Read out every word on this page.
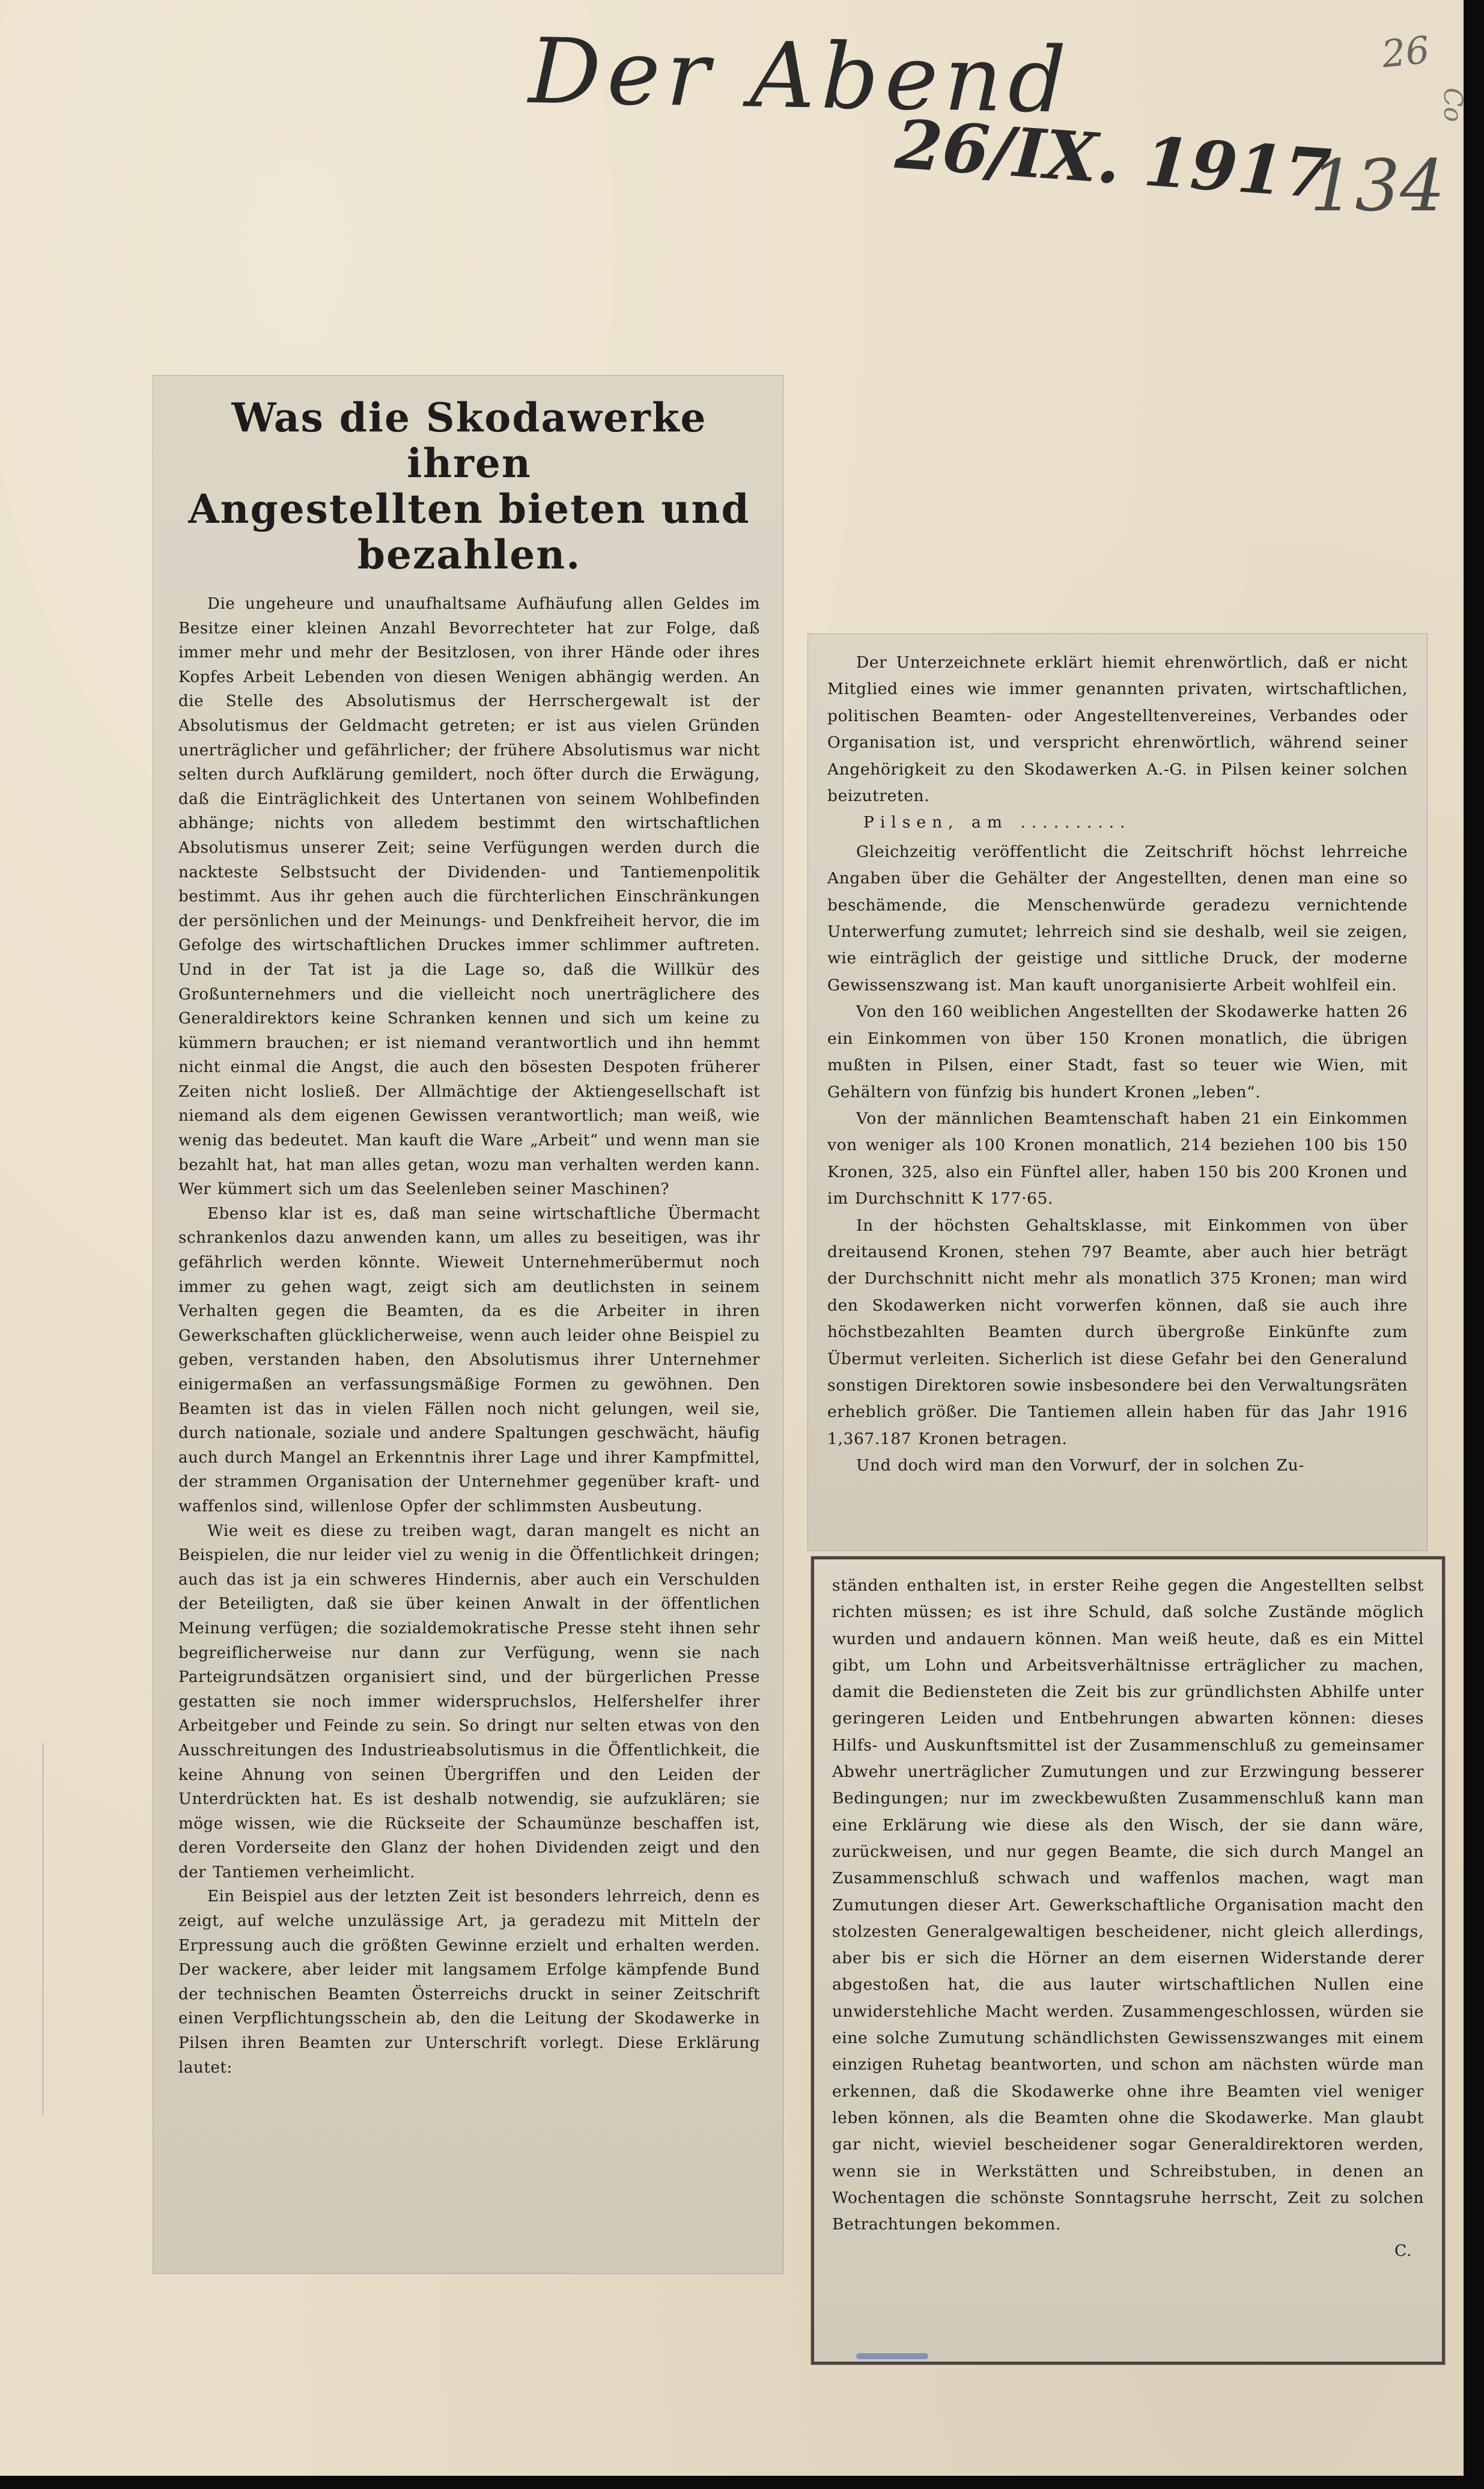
Der Abend
26/IX. 1917
134
26
Co
Was die Skodawerke ihren
Angestellten bieten und bezahlen.

Die ungeheure und unaufhaltsame Aufhäufung allen Geldes im Besitze einer kleinen Anzahl Bevorrechteter hat zur Folge, daß immer mehr und mehr der Besitzlosen, von ihrer Hände oder ihres Kopfes Arbeit Lebenden von diesen Wenigen abhängig werden. An die Stelle des Absolutismus der Herrschergewalt ist der Absolutismus der Geldmacht getreten; er ist aus vielen Gründen unerträglicher und gefährlicher; der frühere Absolutismus war nicht selten durch Aufklärung gemildert, noch öfter durch die Erwägung, daß die Einträglichkeit des Untertanen von seinem Wohlbefinden abhänge; nichts von alledem bestimmt den wirtschaftlichen Absolutismus unserer Zeit; seine Verfügungen werden durch die nackteste Selbstsucht der Dividenden- und Tantiemenpolitik bestimmt. Aus ihr gehen auch die fürchterlichen Einschränkungen der persönlichen und der Meinungs- und Denkfreiheit hervor, die im Gefolge des wirtschaftlichen Druckes immer schlimmer auftreten. Und in der Tat ist ja die Lage so, daß die Willkür des Großunternehmers und die vielleicht noch unerträglichere des Generaldirektors keine Schranken kennen und sich um keine zu kümmern brauchen; er ist niemand verantwortlich und ihn hemmt nicht einmal die Angst, die auch den bösesten Despoten früherer Zeiten nicht losließ. Der Allmächtige der Aktiengesellschaft ist niemand als dem eigenen Gewissen verantwortlich; man weiß, wie wenig das bedeutet. Man kauft die Ware „Arbeit“ und wenn man sie bezahlt hat, hat man alles getan, wozu man verhalten werden kann. Wer kümmert sich um das Seelenleben seiner Maschinen?

Ebenso klar ist es, daß man seine wirtschaftliche Übermacht schrankenlos dazu anwenden kann, um alles zu beseitigen, was ihr gefährlich werden könnte. Wieweit Unternehmerübermut noch immer zu gehen wagt, zeigt sich am deutlichsten in seinem Verhalten gegen die Beamten, da es die Arbeiter in ihren Gewerkschaften glücklicherweise, wenn auch leider ohne Beispiel zu geben, verstanden haben, den Absolutismus ihrer Unternehmer einigermaßen an verfassungsmäßige Formen zu gewöhnen. Den Beamten ist das in vielen Fällen noch nicht gelungen, weil sie, durch nationale, soziale und andere Spaltungen geschwächt, häufig auch durch Mangel an Erkenntnis ihrer Lage und ihrer Kampfmittel, der strammen Organisation der Unternehmer gegenüber kraft- und waffenlos sind, willenlose Opfer der schlimmsten Ausbeutung.

Wie weit es diese zu treiben wagt, daran mangelt es nicht an Beispielen, die nur leider viel zu wenig in die Öffentlichkeit dringen; auch das ist ja ein schweres Hindernis, aber auch ein Verschulden der Beteiligten, daß sie über keinen Anwalt in der öffentlichen Meinung verfügen; die sozialdemokratische Presse steht ihnen sehr begreiflicherweise nur dann zur Verfügung, wenn sie nach Parteigrundsätzen organisiert sind, und der bürgerlichen Presse gestatten sie noch immer widerspruchslos, Helfershelfer ihrer Arbeitgeber und Feinde zu sein. So dringt nur selten etwas von den Ausschreitungen des Industrieabsolutismus in die Öffentlichkeit, die keine Ahnung von seinen Übergriffen und den Leiden der Unterdrückten hat. Es ist deshalb notwendig, sie aufzuklären; sie möge wissen, wie die Rückseite der Schaumünze beschaffen ist, deren Vorderseite den Glanz der hohen Dividenden zeigt und den der Tantiemen verheimlicht.

Ein Beispiel aus der letzten Zeit ist besonders lehrreich, denn es zeigt, auf welche unzulässige Art, ja geradezu mit Mitteln der Erpressung auch die größten Gewinne erzielt und erhalten werden. Der wackere, aber leider mit langsamem Erfolge kämpfende Bund der technischen Beamten Österreichs druckt in seiner Zeitschrift einen Verpflichtungsschein ab, den die Leitung der Skodawerke in Pilsen ihren Beamten zur Unterschrift vorlegt. Diese Erklärung lautet:

Der Unterzeichnete erklärt hiemit ehrenwörtlich, daß er nicht Mitglied eines wie immer genannten privaten, wirtschaftlichen, politischen Beamten- oder Angestelltenvereines, Verbandes oder Organisation ist, und verspricht ehrenwörtlich, während seiner Angehörigkeit zu den Skodawerken A.-G. in Pilsen keiner solchen beizutreten.

Pilsen, am ..........

Gleichzeitig veröffentlicht die Zeitschrift höchst lehrreiche Angaben über die Gehälter der Angestellten, denen man eine so beschämende, die Menschenwürde geradezu vernichtende Unterwerfung zumutet; lehrreich sind sie deshalb, weil sie zeigen, wie einträglich der geistige und sittliche Druck, der moderne Gewissenszwang ist. Man kauft unorganisierte Arbeit wohlfeil ein.

Von den 160 weiblichen Angestellten der Skodawerke hatten 26 ein Einkommen von über 150 Kronen monatlich, die übrigen mußten in Pilsen, einer Stadt, fast so teuer wie Wien, mit Gehältern von fünfzig bis hundert Kronen „leben“.

Von der männlichen Beamtenschaft haben 21 ein Einkommen von weniger als 100 Kronen monatlich, 214 beziehen 100 bis 150 Kronen, 325, also ein Fünftel aller, haben 150 bis 200 Kronen und im Durchschnitt K 177·65.

In der höchsten Gehaltsklasse, mit Einkommen von über dreitausend Kronen, stehen 797 Beamte, aber auch hier beträgt der Durchschnitt nicht mehr als monatlich 375 Kronen; man wird den Skodawerken nicht vorwerfen können, daß sie auch ihre höchstbezahlten Beamten durch übergroße Einkünfte zum Übermut verleiten. Sicherlich ist diese Gefahr bei den Generalund sonstigen Direktoren sowie insbesondere bei den Verwaltungsräten erheblich größer. Die Tantiemen allein haben für das Jahr 1916 1,367.187 Kronen betragen.

Und doch wird man den Vorwurf, der in solchen Zu-

ständen enthalten ist, in erster Reihe gegen die Angestellten selbst richten müssen; es ist ihre Schuld, daß solche Zustände möglich wurden und andauern können. Man weiß heute, daß es ein Mittel gibt, um Lohn und Arbeitsverhältnisse erträglicher zu machen, damit die Bediensteten die Zeit bis zur gründlichsten Abhilfe unter geringeren Leiden und Entbehrungen abwarten können: dieses Hilfs- und Auskunftsmittel ist der Zusammenschluß zu gemeinsamer Abwehr unerträglicher Zumutungen und zur Erzwingung besserer Bedingungen; nur im zweckbewußten Zusammenschluß kann man eine Erklärung wie diese als den Wisch, der sie dann wäre, zurückweisen, und nur gegen Beamte, die sich durch Mangel an Zusammenschluß schwach und waffenlos machen, wagt man Zumutungen dieser Art. Gewerkschaftliche Organisation macht den stolzesten Generalgewaltigen bescheidener, nicht gleich allerdings, aber bis er sich die Hörner an dem eisernen Widerstande derer abgestoßen hat, die aus lauter wirtschaftlichen Nullen eine unwiderstehliche Macht werden. Zusammengeschlossen, würden sie eine solche Zumutung schändlichsten Gewissenszwanges mit einem einzigen Ruhetag beantworten, und schon am nächsten würde man erkennen, daß die Skodawerke ohne ihre Beamten viel weniger leben können, als die Beamten ohne die Skodawerke. Man glaubt gar nicht, wieviel bescheidener sogar Generaldirektoren werden, wenn sie in Werkstätten und Schreibstuben, in denen an Wochentagen die schönste Sonntagsruhe herrscht, Zeit zu solchen Betrachtungen bekommen.

C.
